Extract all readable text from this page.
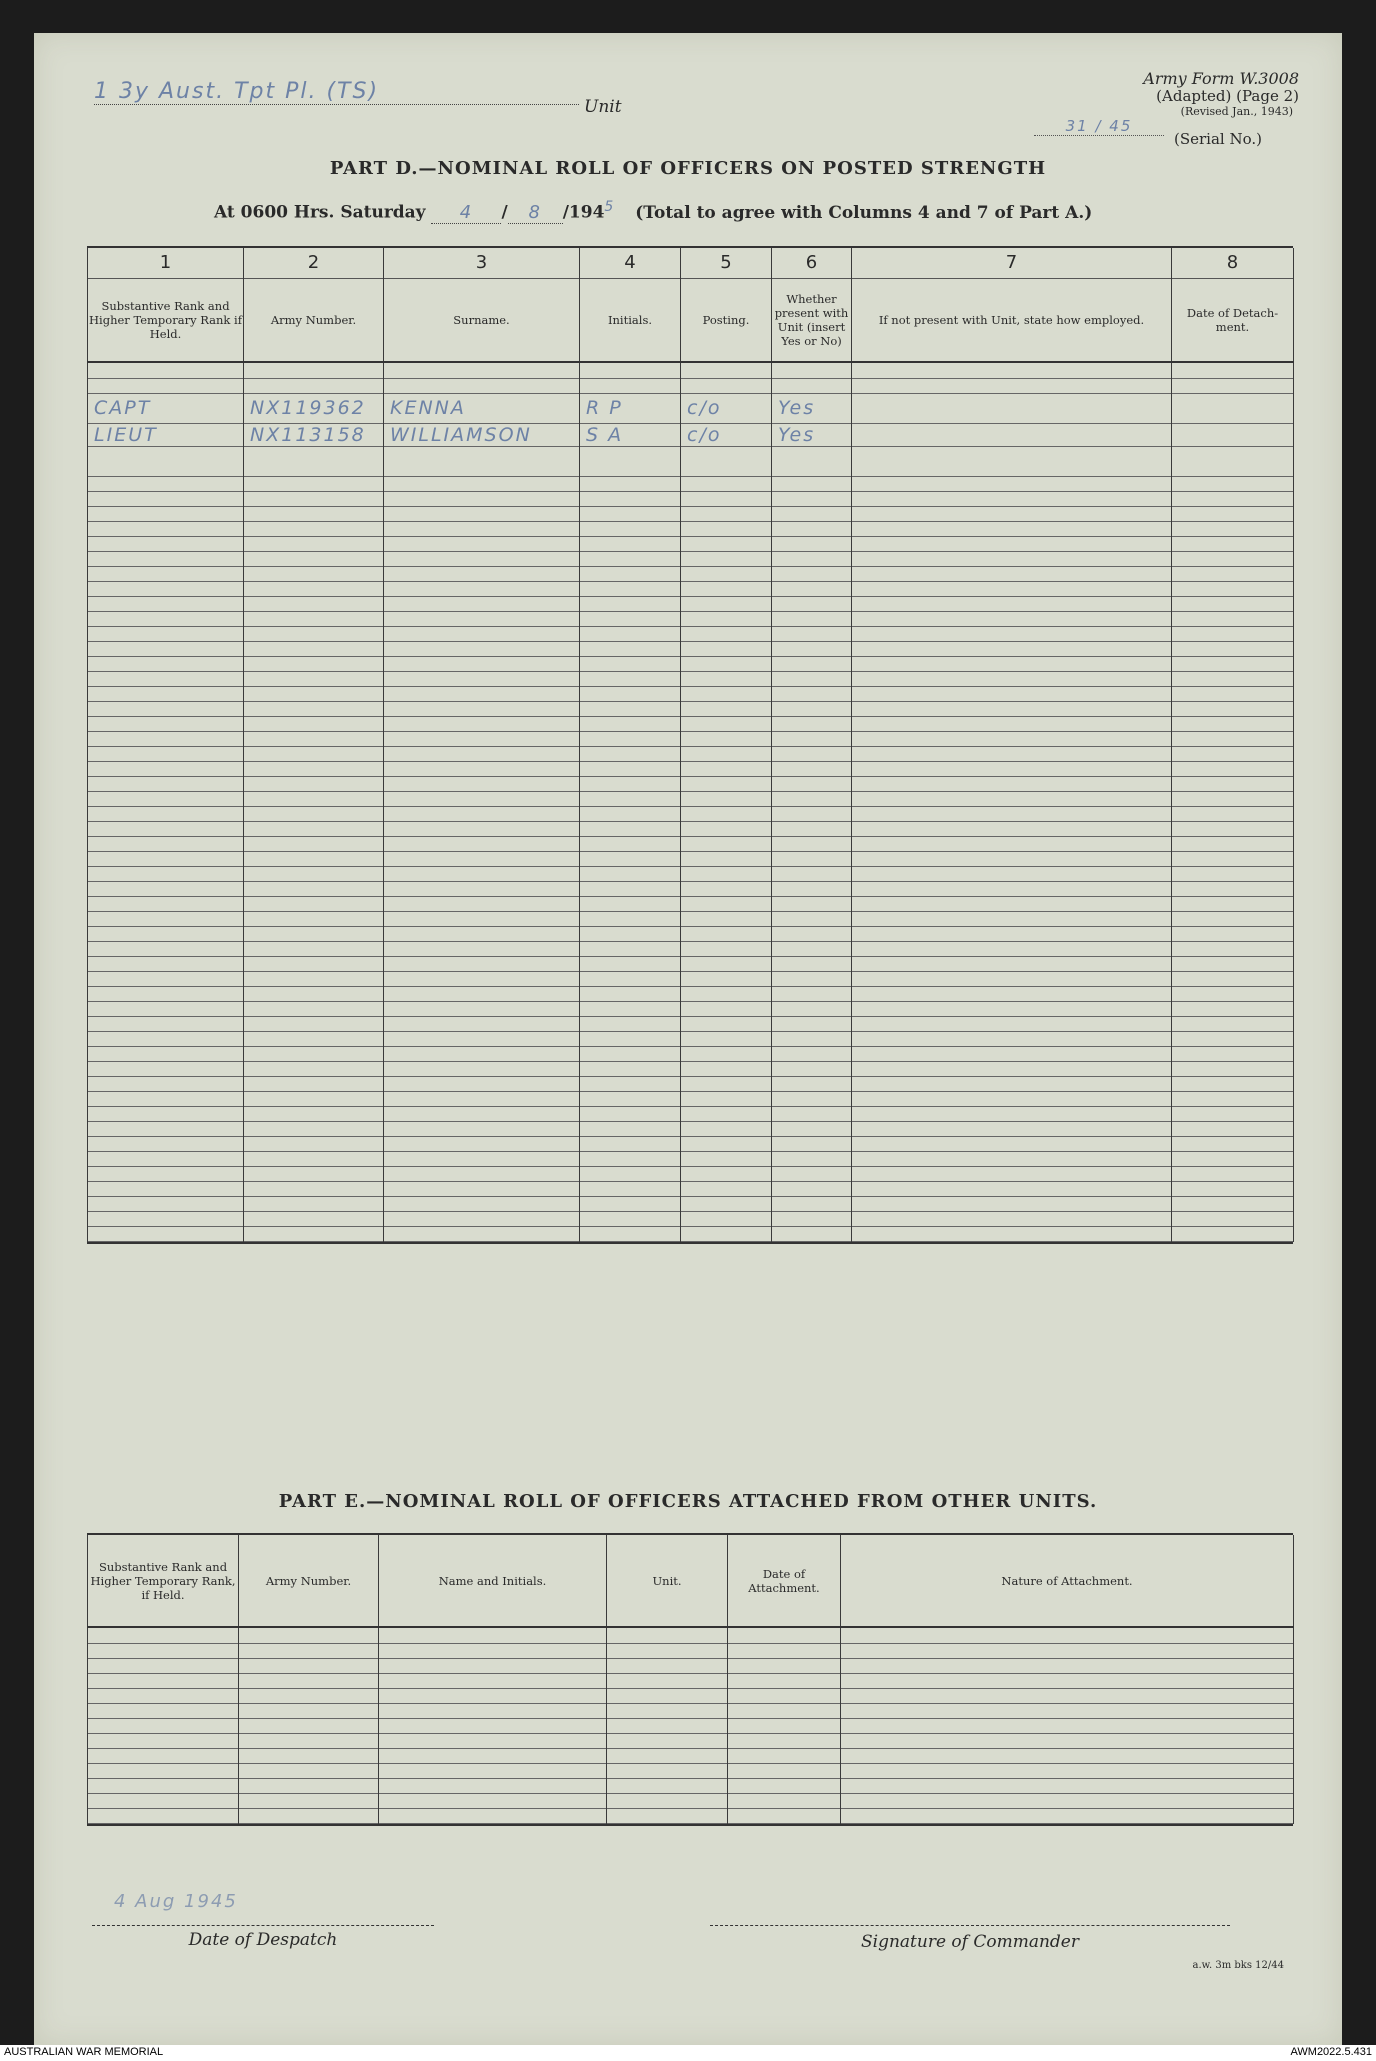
Army Form W.3008
(Adapted) (Page 2)
(Revised Jan., 1943)
31 / 45
(Serial No.)
1 3y Aust. Tpt Pl. (TS)
Unit
PART D.—NOMINAL ROLL OF OFFICERS ON POSTED STRENGTH
At 0600 Hrs. Saturday 4 / 8 $/194^5$ (Total to agree with Columns 4 and 7 of Part A.)
1	2	3	4	5	6	7	8
Substantive Rank and Higher Temporary Rank if Held.	Army Number.	Surname.	Initials.	Posting.	Whether present with Unit (insert Yes or No)	If not present with Unit, state how employed.	Date of Detach-ment.

CAPT	NX119362	KENNA	R P	c/o	Yes		
LIEUT	NX113158	WILLIAMSON	S A	c/o	Yes		

PART E.—NOMINAL ROLL OF OFFICERS ATTACHED FROM OTHER UNITS.
Substantive Rank and Higher Temporary Rank, if Held.	Army Number.	Name and Initials.	Unit.	Date of Attachment.	Nature of Attachment.

4 Aug 1945
Date of Despatch	Signature of Commander
a.w. 3m bks 12/44
AUSTRALIAN WAR MEMORIAL	AWM2022.5.431
